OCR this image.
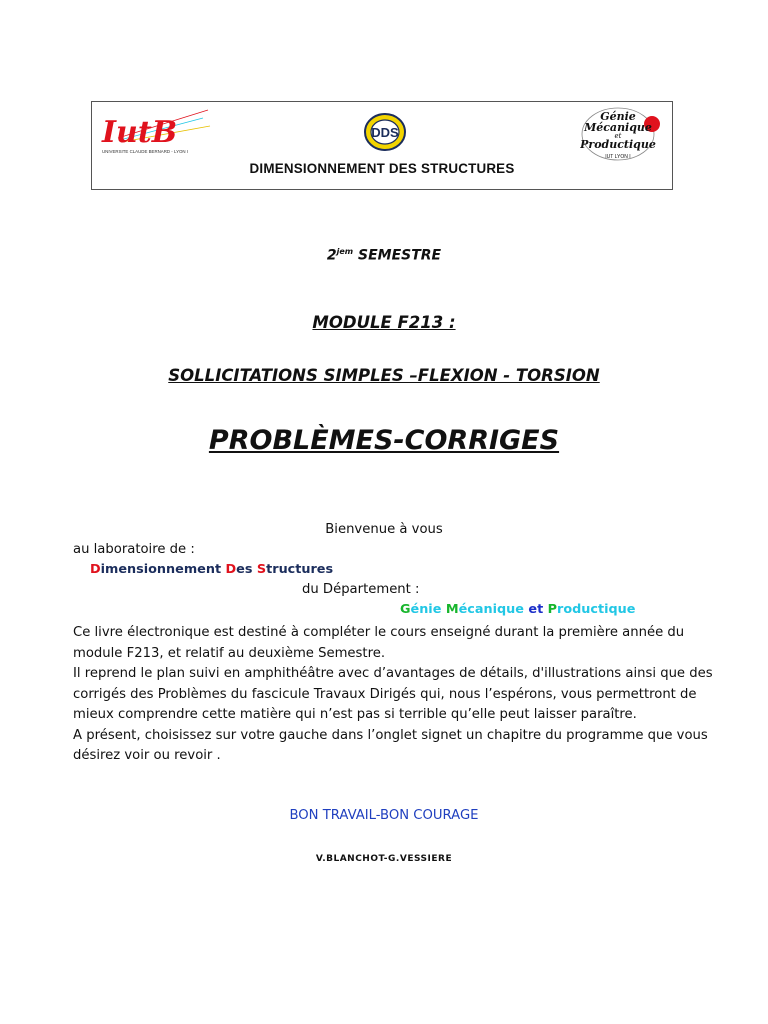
IutB
UNIVERSITE CLAUDE BERNARD - LYON I
DDS
Génie
Mécanique
et
Productique
IUT LYON I
DIMENSIONNEMENT DES STRUCTURES
$2^{jem}$ SEMESTRE
MODULE F213 :
SOLLICITATIONS SIMPLES –FLEXION - TORSION
PROBLÈMES-CORRIGES
Bienvenue à vous
au laboratoire de :
Dimensionnement Des Structures
du Département :
Génie Mécanique et Productique

Ce livre électronique est destiné à compléter le cours enseigné durant la première année du module F213, et relatif au deuxième Semestre.

Il reprend le plan suivi en amphithéâtre avec d’avantages de détails, d'illustrations ainsi que des corrigés des Problèmes du fascicule Travaux Dirigés qui, nous l’espérons, vous permettront de mieux comprendre cette matière qui n’est pas si terrible qu’elle peut laisser paraître.

A présent, choisissez sur votre gauche dans l’onglet signet un chapitre du programme que vous désirez voir ou revoir .

BON TRAVAIL-BON COURAGE
V.BLANCHOT-G.VESSIERE
